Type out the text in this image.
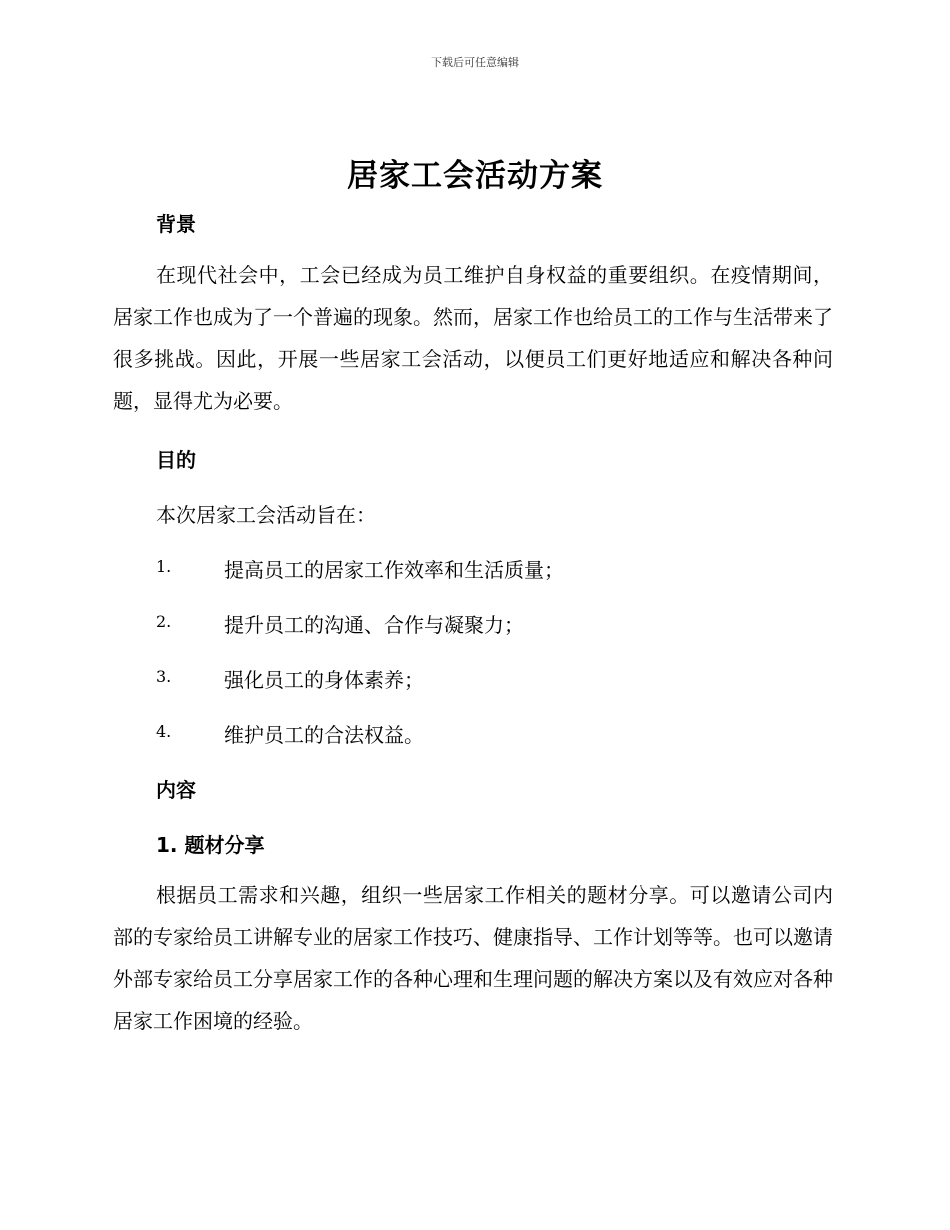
下载后可任意编辑
居家工会活动方案
背景
在现代社会中，工会已经成为员工维护自身权益的重要组织。在疫情期间，居家工作也成为了一个普遍的现象。然而，居家工作也给员工的工作与生活带来了很多挑战。因此，开展一些居家工会活动，以便员工们更好地适应和解决各种问题，显得尤为必要。
目的
本次居家工会活动旨在：
1.	提高员工的居家工作效率和生活质量；
2.	提升员工的沟通、合作与凝聚力；
3.	强化员工的身体素养；
4.	维护员工的合法权益。
内容
1. 题材分享
根据员工需求和兴趣，组织一些居家工作相关的题材分享。可以邀请公司内部的专家给员工讲解专业的居家工作技巧、健康指导、工作计划等等。也可以邀请外部专家给员工分享居家工作的各种心理和生理问题的解决方案以及有效应对各种居家工作困境的经验。
